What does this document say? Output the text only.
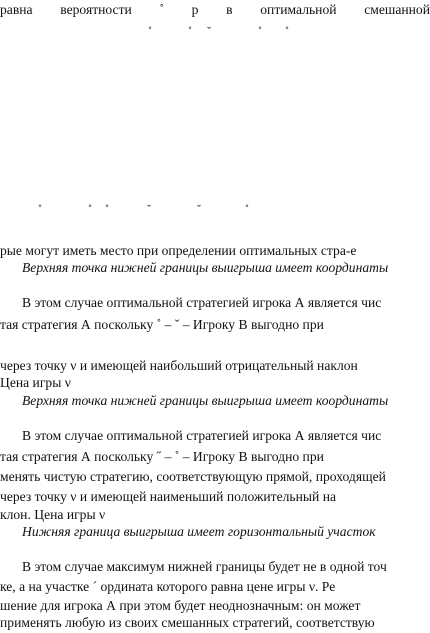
равна вероятности ˚ р в оптимальной смешанной
˚	˚ ˇ	˚ ˚
˚	˚ ˚	ˇ	ˇ	˚
рые могут иметь место при определении оптимальных стра-е
Верхняя точка нижней границы выигрыша имеет координаты
В этом случае оптимальной стратегией игрока А является чис
тая стратегия А поскольку ˚ – ˇ – Игроку В выгодно при
через точку ν и имеющей наибольший отрицательный наклон
Цена игры ν
Верхняя точка нижней границы выигрыша имеет координаты
В этом случае оптимальной стратегией игрока А является чис
тая стратегия А поскольку ˝ – ˚ – Игроку В выгодно при
менять чистую стратегию, соответствующую прямой, проходящей
через точку ν и имеющей наименьший положительный на
клон. Цена игры ν
Нижняя граница выигрыша имеет горизонтальный участок
В этом случае максимум нижней границы будет не в одной точ
ке, а на участке ˊ ордината которого равна цене игры ν. Ре
шение для игрока А при этом будет неоднозначным: он может
применять любую из своих смешанных стратегий, соответствую
